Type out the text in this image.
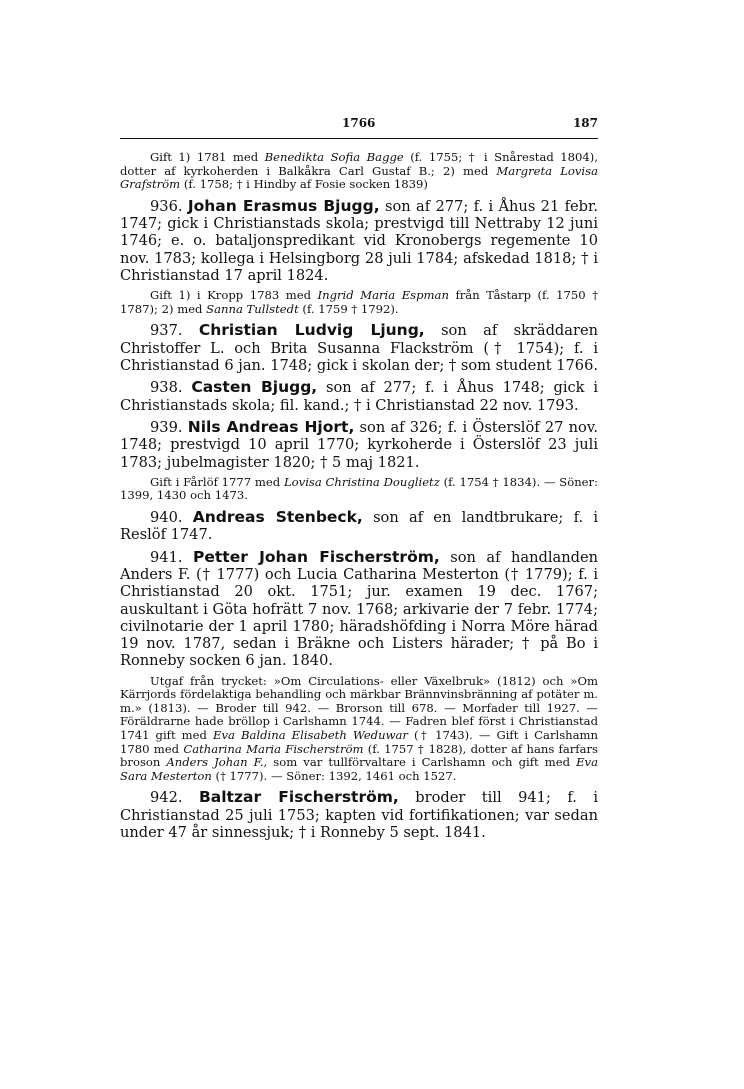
1766	187

Gift 1) 1781 med Benedikta Sofia Bagge (f. 1755; † i Snårestad 1804), dotter af kyrkoherden i Balkåkra Carl Gustaf B.; 2) med Margreta Lovisa Grafström (f. 1758; † i Hindby af Fosie socken 1839)

936. Johan Erasmus Bjugg, son af 277; f. i Åhus 21 febr. 1747; gick i Christianstads skola; prestvigd till Nettraby 12 juni 1746; e. o. bataljonspredikant vid Kronobergs regemente 10 nov. 1783; kollega i Helsingborg 28 juli 1784; afskedad 1818; † i Christianstad 17 april 1824.

Gift 1) i Kropp 1783 med Ingrid Maria Espman från Tåstarp (f. 1750 † 1787); 2) med Sanna Tullstedt (f. 1759 † 1792).

937. Christian Ludvig Ljung, son af skräddaren Christoffer L. och Brita Susanna Flackström († 1754); f. i Christianstad 6 jan. 1748; gick i skolan der; † som student 1766.

938. Casten Bjugg, son af 277; f. i Åhus 1748; gick i Christianstads skola; fil. kand.; † i Christianstad 22 nov. 1793.

939. Nils Andreas Hjort, son af 326; f. i Österslöf 27 nov. 1748; prestvigd 10 april 1770; kyrkoherde i Österslöf 23 juli 1783; jubelmagister 1820; † 5 maj 1821.

Gift i Fårlöf 1777 med Lovisa Christina Douglietz (f. 1754 † 1834). — Söner: 1399, 1430 och 1473.

940. Andreas Stenbeck, son af en landtbrukare; f. i Reslöf 1747.

941. Petter Johan Fischerström, son af handlanden Anders F. († 1777) och Lucia Catharina Mesterton († 1779); f. i Christianstad 20 okt. 1751; jur. examen 19 dec. 1767; auskultant i Göta hofrätt 7 nov. 1768; arkivarie der 7 febr. 1774; civilnotarie der 1 april 1780; häradshöfding i Norra Möre härad 19 nov. 1787, sedan i Bräkne och Listers härader; † på Bo i Ronneby socken 6 jan. 1840.

Utgaf från trycket: »Om Circulations- eller Växelbruk» (1812) och »Om Kärrjords fördelaktiga behandling och märkbar Brännvinsbränning af potäter m. m.» (1813). — Broder till 942. — Brorson till 678. — Morfader till 1927. — Föräldrarne hade bröllop i Carlshamn 1744. — Fadren blef först i Christianstad 1741 gift med Eva Baldina Elisabeth Weduwar († 1743). — Gift i Carlshamn 1780 med Catharina Maria Fischerström (f. 1757 † 1828), dotter af hans farfars broson Anders Johan F., som var tullförvaltare i Carlshamn och gift med Eva Sara Mesterton († 1777). — Söner: 1392, 1461 och 1527.

942. Baltzar Fischerström, broder till 941; f. i Christianstad 25 juli 1753; kapten vid fortifikationen; var sedan under 47 år sinnessjuk; † i Ronneby 5 sept. 1841.
